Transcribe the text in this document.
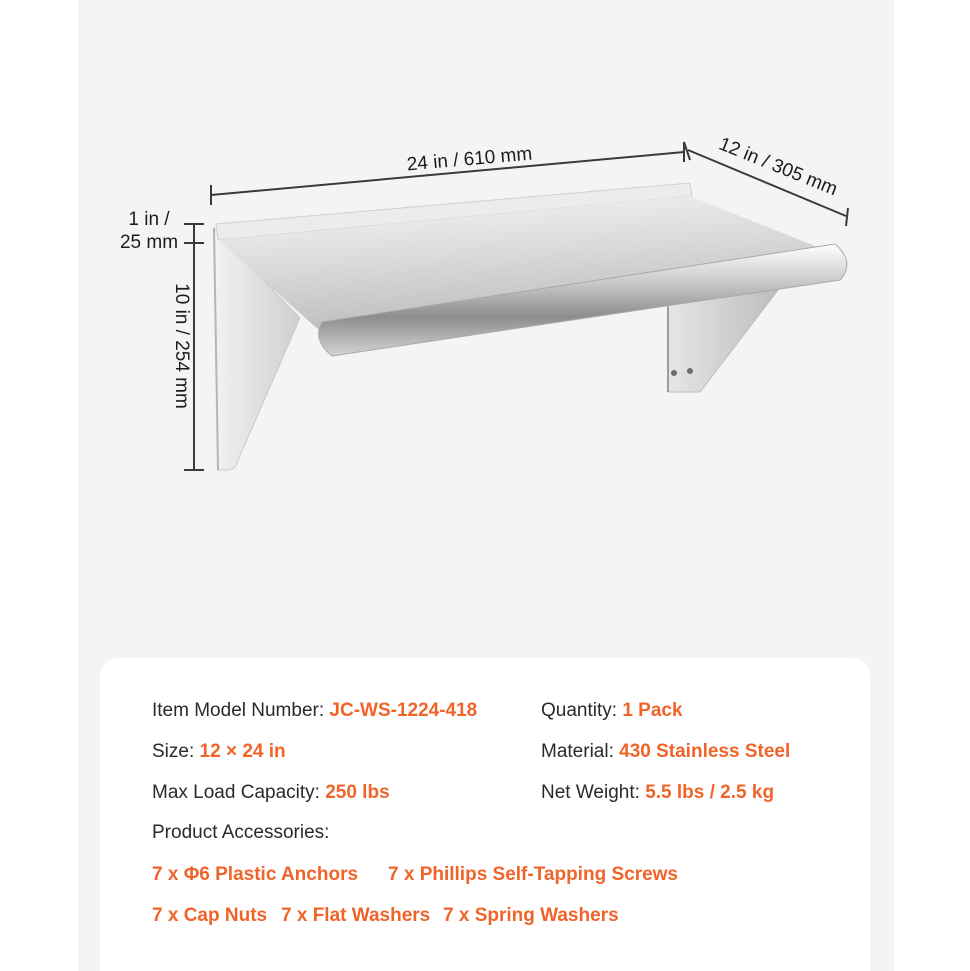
24 in / 610 mm	12 in / 305 mm
1 in /
25 mm
10 in / 254 mm
Item Model Number: JC-WS-1224-418	Quantity: 1 Pack
Size: 12 × 24 in	Material: 430 Stainless Steel
Max Load Capacity: 250 lbs	Net Weight: 5.5 lbs / 2.5 kg
Product Accessories:
7 x Φ6 Plastic Anchors 7 x Phillips Self-Tapping Screws
7 x Cap Nuts 7 x Flat Washers 7 x Spring Washers
